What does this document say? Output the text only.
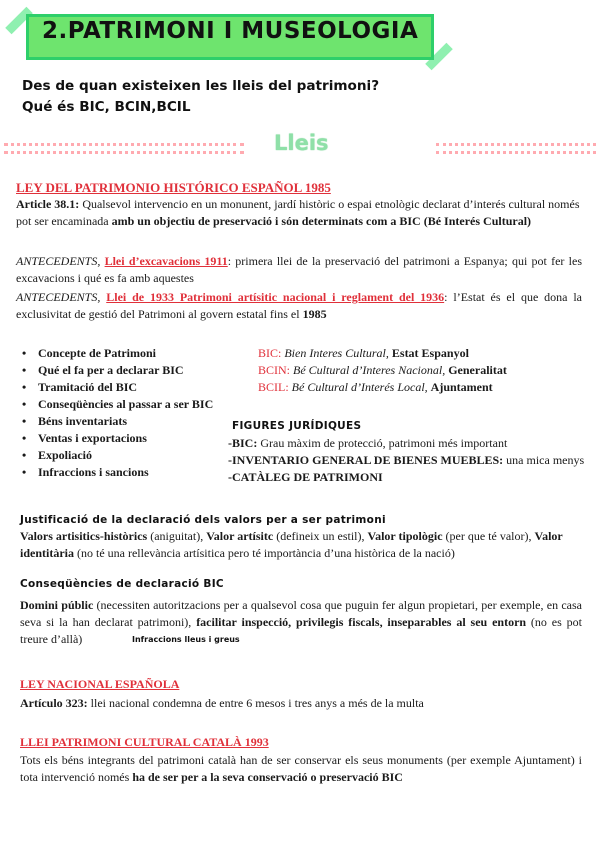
2.PATRIMONI I MUSEOLOGIA
Des de quan existeixen les lleis del patrimoni?
Qué és BIC, BCIN,BCIL
Lleis
LEY DEL PATRIMONIO HISTÓRICO ESPAÑOL 1985
Article 38.1: Qualsevol intervencio en un monunent, jardí històric o espai etnològic declarat d’interés cultural només pot ser encaminada amb un objectiu de preservació i són determinats com a BIC (Bé Interés Cultural)
ANTECEDENTS, Llei d’excavacions 1911: primera llei de la preservació del patrimoni a Espanya; qui pot fer les excavacions i qué es fa amb aquestes
ANTECEDENTS, Llei de 1933 Patrimoni artísitic nacional i reglament del 1936: l’Estat és el que dona la exclusivitat de gestió del Patrimoni al govern estatal fins el 1985
• Concepte de Patrimoni
• Qué el fa per a declarar BIC
• Tramitació del BIC
• Conseqüències al passar a ser BIC
• Béns inventariats
• Ventas i exportacions
• Expoliació
• Infraccions i sancions
BIC: Bien Interes Cultural, Estat Espanyol
BCIN: Bé Cultural d’Interes Nacional, Generalitat
BCIL: Bé Cultural d’Interés Local, Ajuntament
FIGURES JURÍDIQUES
-BIC: Grau màxim de protecció, patrimoni més important
-INVENTARIO GENERAL DE BIENES MUEBLES: una mica menys
-CATÀLEG DE PATRIMONI
Justificació de la declaració dels valors per a ser patrimoni
Valors artisitics-històrics (aniguitat), Valor artísitc (defineix un estil), Valor tipològic (per que té valor), Valor identitària (no té una rellevància artísitica pero té importància d’una històrica de la nació)
Conseqüències de declaració BIC
Domini públic (necessiten autoritzacions per a qualsevol cosa que puguin fer algun propietari, per exemple, en casa seva si la han declarat patrimoni), facilitar inspecció, privilegis fiscals, inseparables al seu entorn (no es pot treure d’allà)	Infraccions lleus i greus
LEY NACIONAL ESPAÑOLA
Artículo 323: llei nacional condemna de entre 6 mesos i tres anys a més de la multa
LLEI PATRIMONI CULTURAL CATALÀ 1993
Tots els béns integrants del patrimoni català han de ser conservar els seus monuments (per exemple Ajuntament) i tota intervenció només ha de ser per a la seva conservació o preservació BIC
